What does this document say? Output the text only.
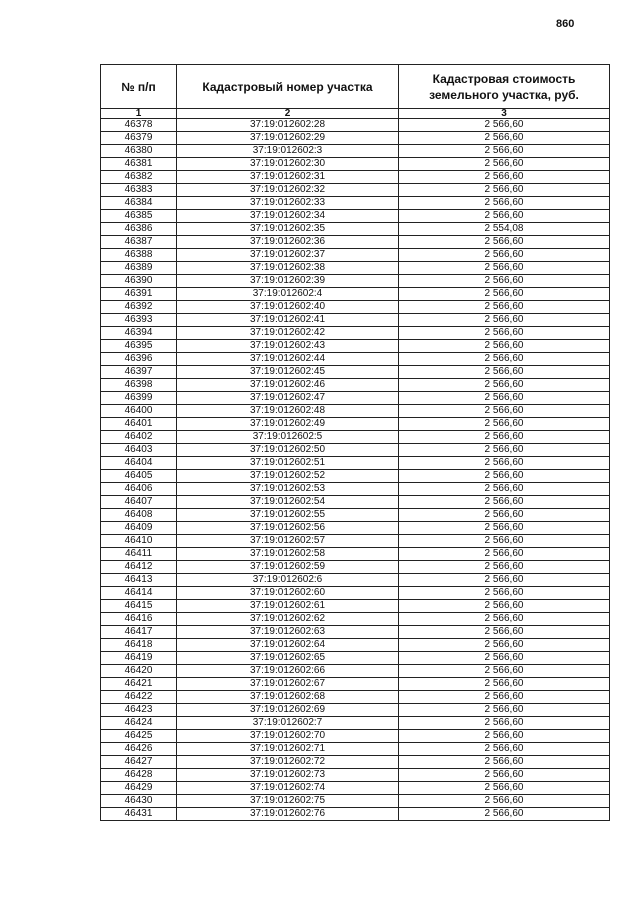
860
№ п/п	Кадастровый номер участка	Кадастровая стоимость земельного участка, руб.
1	2	3
46378	37:19:012602:28	2 566,60
46379	37:19:012602:29	2 566,60
46380	37:19:012602:3	2 566,60
46381	37:19:012602:30	2 566,60
46382	37:19:012602:31	2 566,60
46383	37:19:012602:32	2 566,60
46384	37:19:012602:33	2 566,60
46385	37:19:012602:34	2 566,60
46386	37:19:012602:35	2 554,08
46387	37:19:012602:36	2 566,60
46388	37:19:012602:37	2 566,60
46389	37:19:012602:38	2 566,60
46390	37:19:012602:39	2 566,60
46391	37:19:012602:4	2 566,60
46392	37:19:012602:40	2 566,60
46393	37:19:012602:41	2 566,60
46394	37:19:012602:42	2 566,60
46395	37:19:012602:43	2 566,60
46396	37:19:012602:44	2 566,60
46397	37:19:012602:45	2 566,60
46398	37:19:012602:46	2 566,60
46399	37:19:012602:47	2 566,60
46400	37:19:012602:48	2 566,60
46401	37:19:012602:49	2 566,60
46402	37:19:012602:5	2 566,60
46403	37:19:012602:50	2 566,60
46404	37:19:012602:51	2 566,60
46405	37:19:012602:52	2 566,60
46406	37:19:012602:53	2 566,60
46407	37:19:012602:54	2 566,60
46408	37:19:012602:55	2 566,60
46409	37:19:012602:56	2 566,60
46410	37:19:012602:57	2 566,60
46411	37:19:012602:58	2 566,60
46412	37:19:012602:59	2 566,60
46413	37:19:012602:6	2 566,60
46414	37:19:012602:60	2 566,60
46415	37:19:012602:61	2 566,60
46416	37:19:012602:62	2 566,60
46417	37:19:012602:63	2 566,60
46418	37:19:012602:64	2 566,60
46419	37:19:012602:65	2 566,60
46420	37:19:012602:66	2 566,60
46421	37:19:012602:67	2 566,60
46422	37:19:012602:68	2 566,60
46423	37:19:012602:69	2 566,60
46424	37:19:012602:7	2 566,60
46425	37:19:012602:70	2 566,60
46426	37:19:012602:71	2 566,60
46427	37:19:012602:72	2 566,60
46428	37:19:012602:73	2 566,60
46429	37:19:012602:74	2 566,60
46430	37:19:012602:75	2 566,60
46431	37:19:012602:76	2 566,60
